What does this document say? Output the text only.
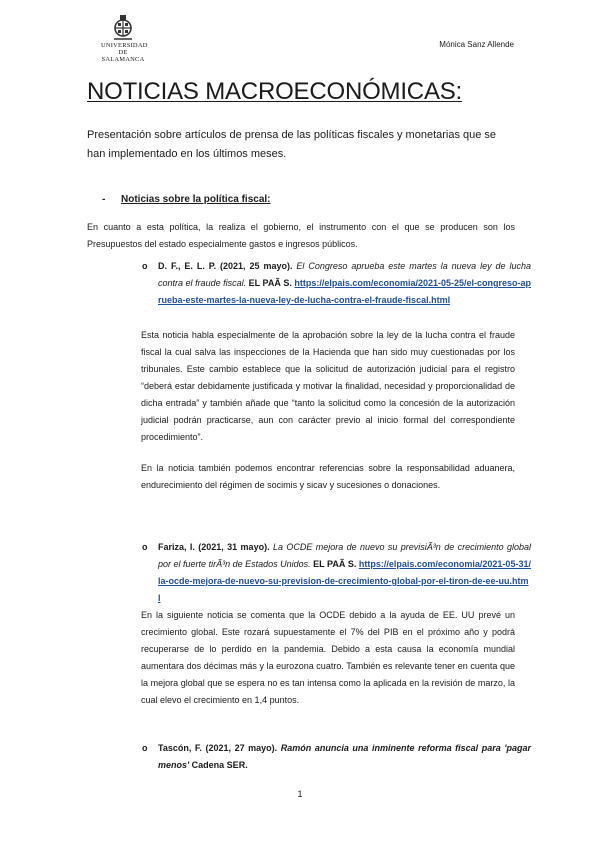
UNIVERSIDAD
DE SALAMANCA
Mónica Sanz Allende
NOTICIAS MACROECONÓMICAS:
Presentación sobre artículos de prensa de las políticas fiscales y monetarias que se han implementado en los últimos meses.
- Noticias sobre la política fiscal:
En cuanto a esta política, la realiza el gobierno, el instrumento con el que se producen son los Presupuestos del estado especialmente gastos e ingresos públicos.
o	D. F., E. L. P. (2021, 25 mayo). El Congreso aprueba este martes la nueva ley de lucha contra el fraude fiscal. EL PAÃ S. https://elpais.com/economia/2021-05-25/el-congreso-aprueba-este-martes-la-nueva-ley-de-lucha-contra-el-fraude-fiscal.html
Esta noticia habla especialmente de la aprobación sobre la ley de la lucha contra el fraude fiscal la cual salva las inspecciones de la Hacienda que han sido muy cuestionadas por los tribunales. Este cambio establece que la solicitud de autorización judicial para el registro “deberá estar debidamente justificada y motivar la finalidad, necesidad y proporcionalidad de dicha entrada” y también añade que “tanto la solicitud como la concesión de la autorización judicial podrán practicarse, aun con carácter previo al inicio formal del correspondiente procedimiento”.
En la noticia también podemos encontrar referencias sobre la responsabilidad aduanera, endurecimiento del régimen de socimis y sicav y sucesiones o donaciones.
o	Fariza, I. (2021, 31 mayo). La OCDE mejora de nuevo su previsiÃ³n de crecimiento global por el fuerte tirÃ³n de Estados Unidos. EL PAÃ S. https://elpais.com/economia/2021-05-31/la-ocde-mejora-de-nuevo-su-prevision-de-crecimiento-global-por-el-tiron-de-ee-uu.html
En la siguiente noticia se comenta que la OCDE debido a la ayuda de EE. UU prevé un crecimiento global. Este rozará supuestamente el 7% del PIB en el próximo año y podrá recuperarse de lo perdido en la pandemia. Debido a esta causa la economía mundial aumentara dos décimas más y la eurozona cuatro. También es relevante tener en cuenta que la mejora global que se espera no es tan intensa como la aplicada en la revisión de marzo, la cual elevo el crecimiento en 1,4 puntos.
o	Tascón, F. (2021, 27 mayo). Ramón anuncia una inminente reforma fiscal para 'pagar menos' Cadena SER.
1
